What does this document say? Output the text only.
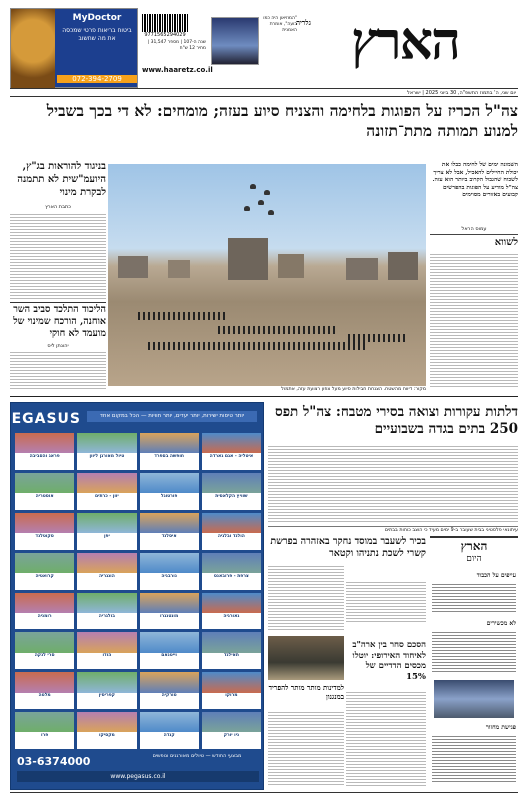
הארץ
MyDoctor
ביטוח בריאות פרטי שמכסה את מה שחשוב
072-394-2709
9771565294029
שנה ה-107 | מספר 31,547 | מחיר 12 ש"ח
www.haaretz.co.il
גלריה
"המוזיאון היה כמו בועה", אומרת האמנית
יום שני, ה' בתמוז התשפ"ה, 30 ביוני 2025 | ישראל
צה"ל הכריז על הפוגות בלחימה והצניח סיוע בעזה; מומחים: לא די בכך בשביל למנוע תמותה מתת־תזונה
בניגוד להוראות בג"ץ, היועמ"שית לא תתמנה לבקרת מינוי
כתבת הארץ
הליכוד התלכד סביב השר אוחנה, הורכח שמינוי של מועמד לא חוקי
יהונתן ליס
מקור: דיווח מהשטח. הצנחת חבילות סיוע מעל צפון רצועת עזה, אתמול
השמונה ימים של לחימה כבלו את יכולת החיילים להאכיל, אבל לא צריך לשכוח שהגבול הקרוב ביותר הוא עזה. צה"ל מודיע על הפוגות בהפרשים קבועים באזורים מסוימים
עמוס הראל
לשווא
PEGASUS	יותר טיסות ישירות, יותר יעדים, יותר חוויות — הכל במקום אחד
איטליה - אגם גארדה
חופשה בספרד
טיול מאורגן ליוון
פראג והסביבה
שוויץ הקלאסית
פורטוגל
יוון - כרתים
אוסטריה
הולנד ובלגיה
איסלנד
יפן
סקוטלנד
צרפת - פרובאנס
נורבגיה
הונגריה
קרואטיה
גאורגיה
מונטנגרו
בולגריה
רומניה
תאילנד
וייטנאם
הודו
סרי לנקה
מרוקו
טורקיה
קפריסין
מלטה
ניו יורק
קנדה
מקסיקו
פרו
03-6374000	מבצעי החודש — טיולים מאורגנים ונופשים
www.pegasus.co.il
דלתות עקורות וצואה בסירי מטבח: צה"ל תפס 250 בתים בגדה בשבועיים
עיתונאי פלסטיני בבית שעובר ב-9 ימים מעיד כי הוצב כוחות בבתים
הארץ
היום
עייפים על הכבוד
לא מכשירים
פגישת מחזור
בכיר לשעבר במוסד נחקר באזהרה בפרשת קשרי לשכת נתניהו וקטאר
הסכם סחר בין ארה"ב לאיחוד האירופי: יוטלו מכסים הדדיים של 15%
למדינות מותר מותר להפריד במנגנון
